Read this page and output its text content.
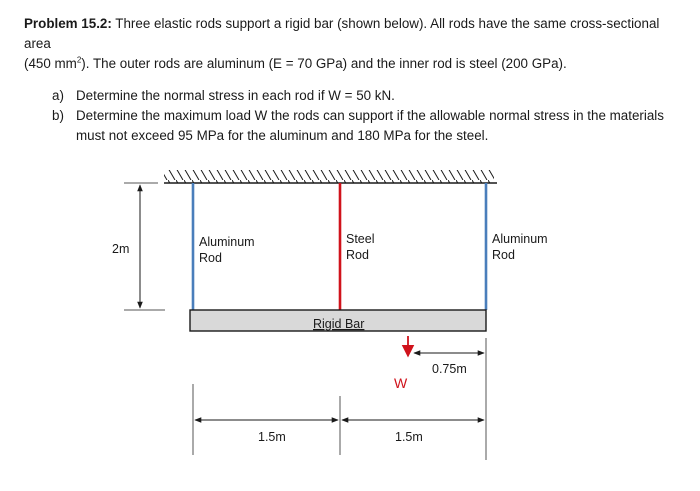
Problem 15.2: Three elastic rods support a rigid bar (shown below). All rods have the same cross-sectional area
(450 $mm^2$). The outer rods are aluminum (E = 70 GPa) and the inner rod is steel (200 GPa).

a) Determine the normal stress in each rod if W = 50 kN.
b) Determine the maximum load W the rods can support if the allowable normal stress in the materials must not exceed 95 MPa for the aluminum and 180 MPa for the steel.
2m	Aluminum Rod
Steel Rod
Aluminum Rod
Rigid Bar
W
0.75m
1.5m	1.5m
